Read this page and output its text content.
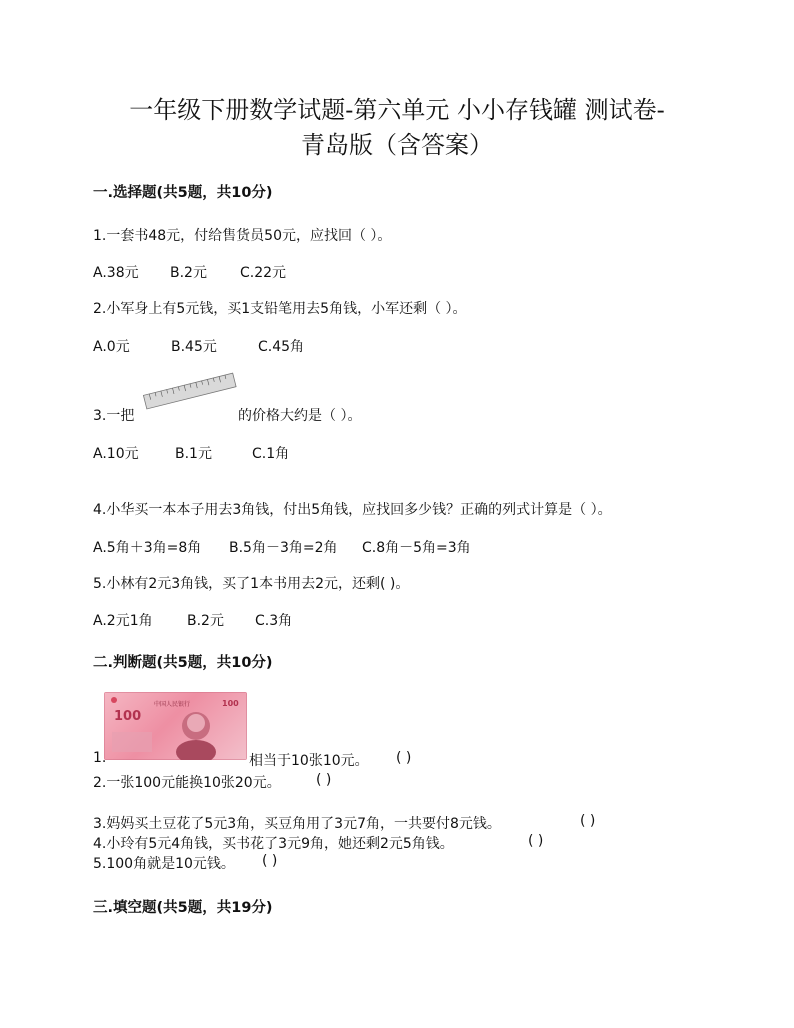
一年级下册数学试题-第六单元 小小存钱罐 测试卷-
青岛版（含答案）
一.选择题(共5题，共10分)
1.一套书48元，付给售货员50元，应找回（ ）。
A.38元 B.2元 C.22元
2.小军身上有5元钱，买1支铅笔用去5角钱，小军还剩（ ）。
A.0元	B.45元	C.45角
3.一把	的价格大约是（ ）。
A.10元	B.1元	C.1角
4.小华买一本本子用去3角钱，付出5角钱，应找回多少钱？正确的列式计算是（ ）。
A.5角＋3角=8角 B.5角－3角=2角 C.8角－5角=3角
5.小林有2元3角钱，买了1本书用去2元，还剩( )。
A.2元1角 B.2元 C.3角
二.判断题(共5题，共10分)
100
100
中国人民银行
1.	相当于10张10元。 ( )
2.一张100元能换10张20元。	( )
3.妈妈买土豆花了5元3角，买豆角用了3元7角，一共要付8元钱。	( )
4.小玲有5元4角钱，买书花了3元9角，她还剩2元5角钱。	( )
5.100角就是10元钱。 ( )
三.填空题(共5题，共19分)
